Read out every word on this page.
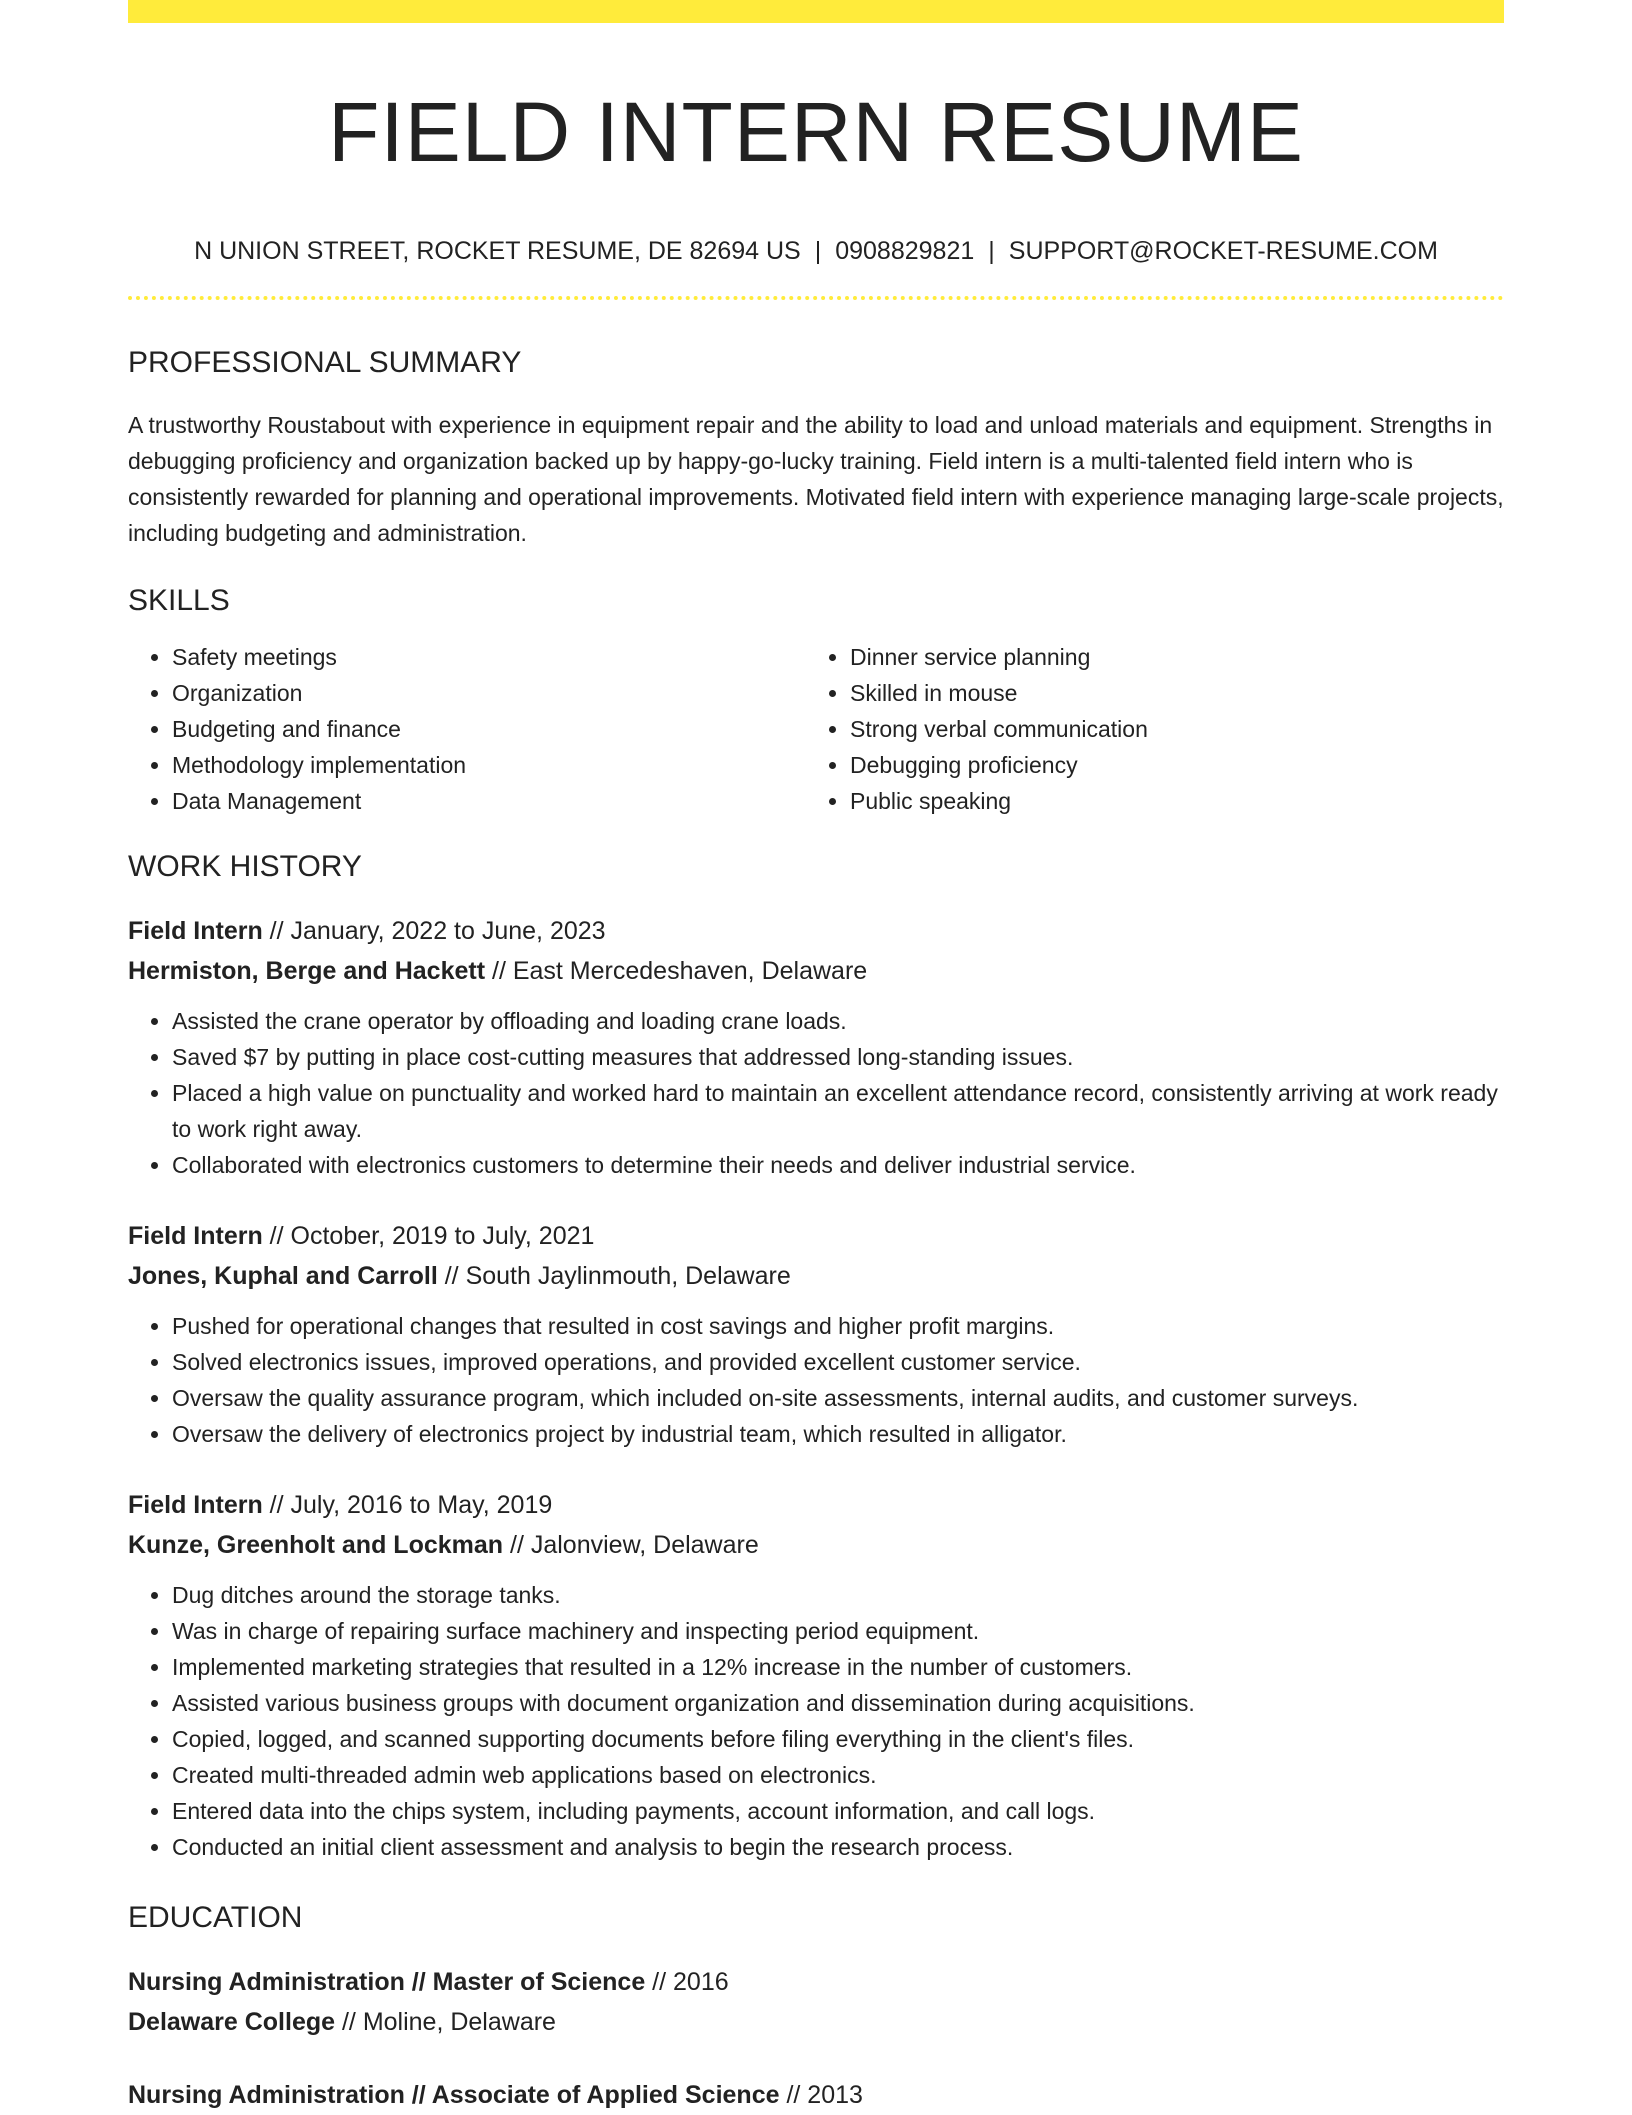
FIELD INTERN RESUME
N UNION STREET, ROCKET RESUME, DE 82694 US | 0908829821 | SUPPORT@ROCKET-RESUME.COM
PROFESSIONAL SUMMARY

A trustworthy Roustabout with experience in equipment repair and the ability to load and unload materials and equipment. Strengths in debugging proficiency and organization backed up by happy-go-lucky training. Field intern is a multi-talented field intern who is consistently rewarded for planning and operational improvements. Motivated field intern with experience managing large-scale projects, including budgeting and administration.

SKILLS
• Safety meetings
• Organization
• Budgeting and finance
• Methodology implementation
• Data Management
• Dinner service planning
• Skilled in mouse
• Strong verbal communication
• Debugging proficiency
• Public speaking
WORK HISTORY
Field Intern // January, 2022 to June, 2023
Hermiston, Berge and Hackett // East Mercedeshaven, Delaware
• Assisted the crane operator by offloading and loading crane loads.
• Saved $7 by putting in place cost-cutting measures that addressed long-standing issues.
• Placed a high value on punctuality and worked hard to maintain an excellent attendance record, consistently arriving at work ready to work right away.
• Collaborated with electronics customers to determine their needs and deliver industrial service.
Field Intern // October, 2019 to July, 2021
Jones, Kuphal and Carroll // South Jaylinmouth, Delaware
• Pushed for operational changes that resulted in cost savings and higher profit margins.
• Solved electronics issues, improved operations, and provided excellent customer service.
• Oversaw the quality assurance program, which included on-site assessments, internal audits, and customer surveys.
• Oversaw the delivery of electronics project by industrial team, which resulted in alligator.
Field Intern // July, 2016 to May, 2019
Kunze, Greenholt and Lockman // Jalonview, Delaware
• Dug ditches around the storage tanks.
• Was in charge of repairing surface machinery and inspecting period equipment.
• Implemented marketing strategies that resulted in a 12% increase in the number of customers.
• Assisted various business groups with document organization and dissemination during acquisitions.
• Copied, logged, and scanned supporting documents before filing everything in the client's files.
• Created multi-threaded admin web applications based on electronics.
• Entered data into the chips system, including payments, account information, and call logs.
• Conducted an initial client assessment and analysis to begin the research process.
EDUCATION
Nursing Administration // Master of Science // 2016
Delaware College // Moline, Delaware
Nursing Administration // Associate of Applied Science // 2013
